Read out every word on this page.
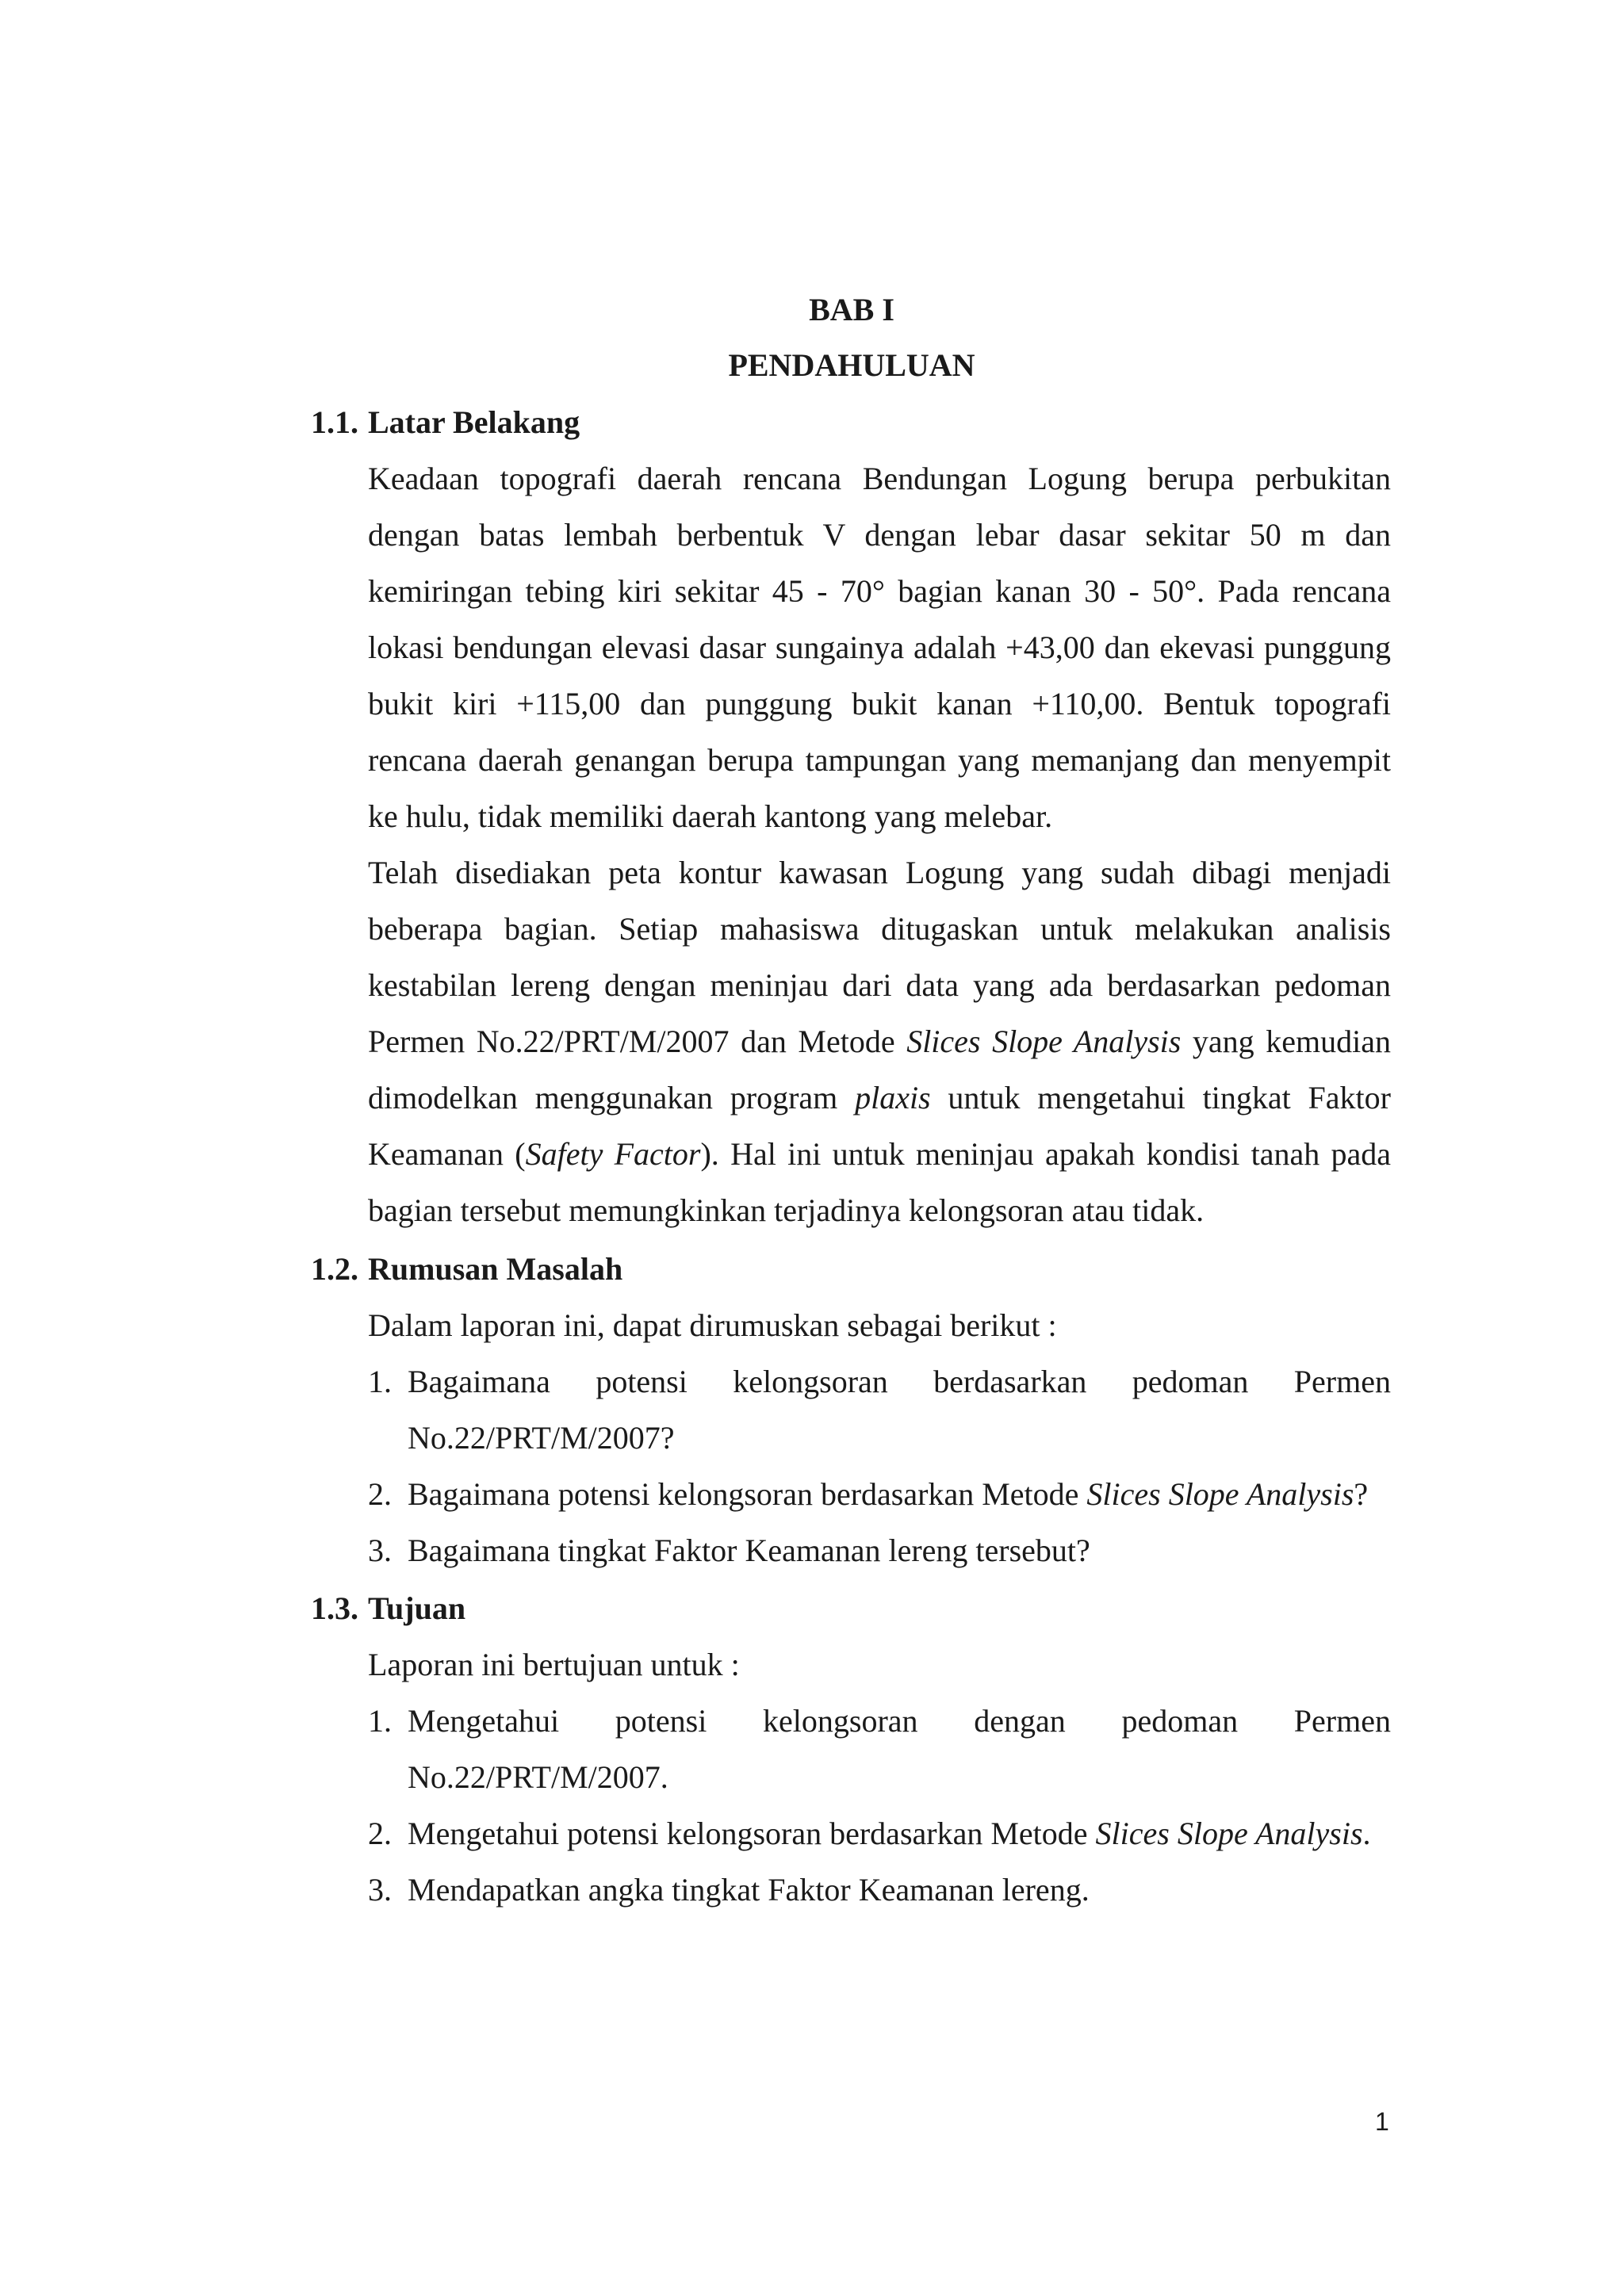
BAB I
PENDAHULUAN
1.1. Latar Belakang
Keadaan topografi daerah rencana Bendungan Logung berupa perbukitan
dengan batas lembah berbentuk V dengan lebar dasar sekitar 50 m dan
kemiringan tebing kiri sekitar 45 - 70° bagian kanan 30 - 50°. Pada rencana
lokasi bendungan elevasi dasar sungainya adalah +43,00 dan ekevasi punggung
bukit kiri +115,00 dan punggung bukit kanan +110,00. Bentuk topografi
rencana daerah genangan berupa tampungan yang memanjang dan menyempit
ke hulu, tidak memiliki daerah kantong yang melebar.
Telah disediakan peta kontur kawasan Logung yang sudah dibagi menjadi
beberapa bagian. Setiap mahasiswa ditugaskan untuk melakukan analisis
kestabilan lereng dengan meninjau dari data yang ada berdasarkan pedoman
Permen No.22/PRT/M/2007 dan Metode Slices Slope Analysis yang kemudian
dimodelkan menggunakan program plaxis untuk mengetahui tingkat Faktor
Keamanan (Safety Factor). Hal ini untuk meninjau apakah kondisi tanah pada
bagian tersebut memungkinkan terjadinya kelongsoran atau tidak.
1.2. Rumusan Masalah
Dalam laporan ini, dapat dirumuskan sebagai berikut :
1. Bagaimana potensi kelongsoran berdasarkan pedoman Permen
No.22/PRT/M/2007?
2. Bagaimana potensi kelongsoran berdasarkan Metode Slices Slope Analysis?
3. Bagaimana tingkat Faktor Keamanan lereng tersebut?
1.3. Tujuan
Laporan ini bertujuan untuk :
1. Mengetahui potensi kelongsoran dengan pedoman Permen
No.22/PRT/M/2007.
2. Mengetahui potensi kelongsoran berdasarkan Metode Slices Slope Analysis.
3. Mendapatkan angka tingkat Faktor Keamanan lereng.
1
